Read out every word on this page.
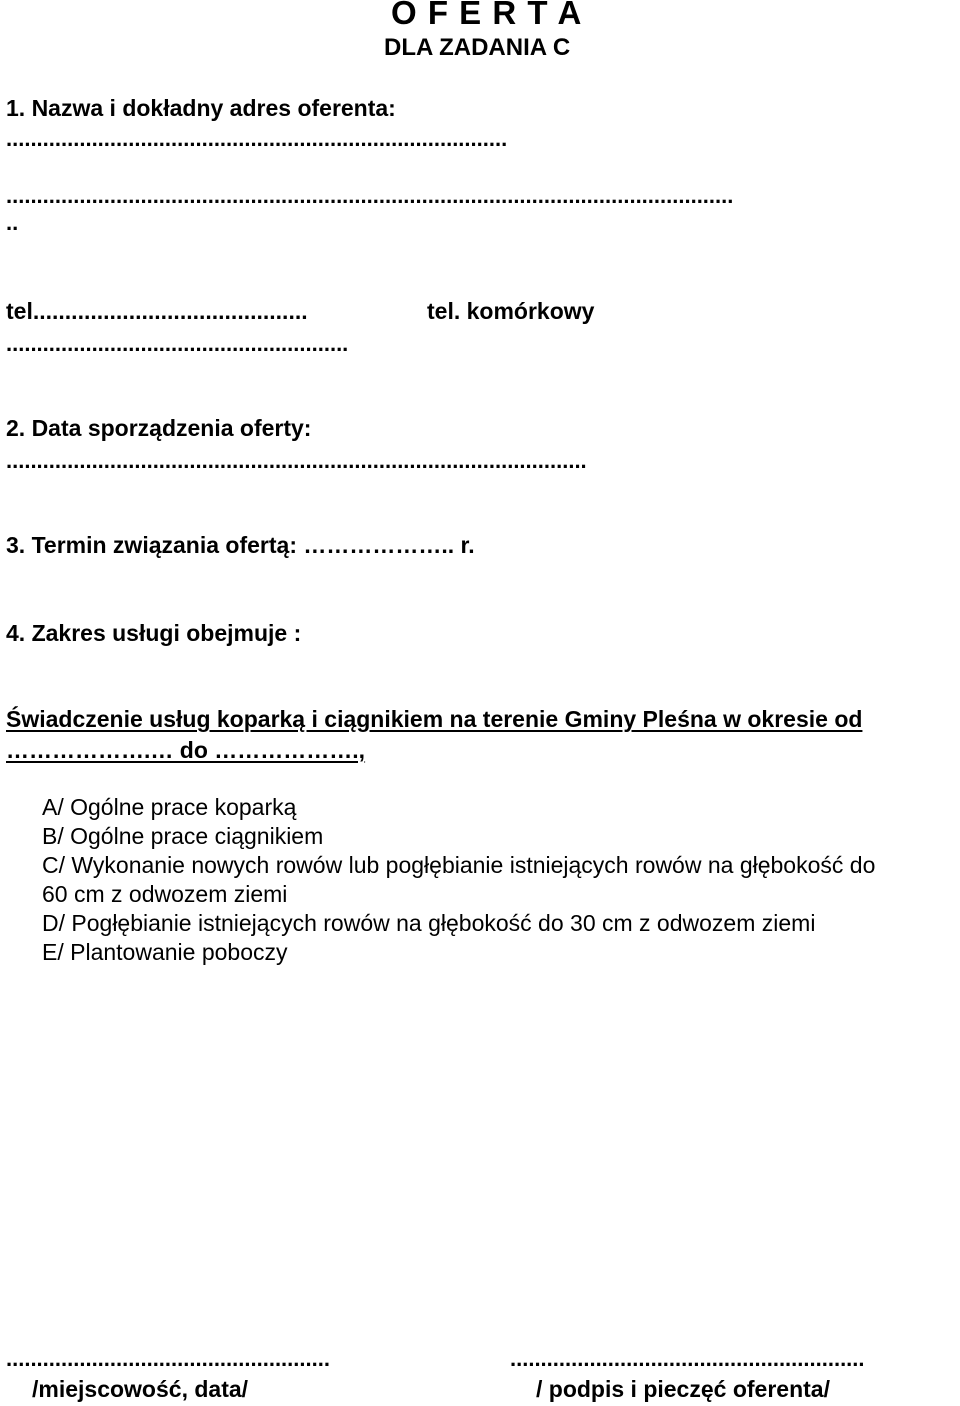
O F E R T A
DLA ZADANIA C
1. Nazwa i dokładny adres oferenta:
..................................................................................
.......................................................................................................................
..
tel...........................................	tel. komórkowy
........................................................
2. Data sporządzenia oferty:
...............................................................................................
3. Termin związania ofertą: ……………….. r.
4. Zakres usługi obejmuje :
Świadczenie usług koparką i ciągnikiem na terenie Gminy Pleśna w okresie od
……………….… do ……………….,
A/ Ogólne prace koparką
B/ Ogólne prace ciągnikiem
C/ Wykonanie nowych rowów lub pogłębianie istniejących rowów na głębokość do
60 cm z odwozem ziemi
D/ Pogłębianie istniejących rowów na głębokość do 30 cm z odwozem ziemi
E/ Plantowanie poboczy
.....................................................
/miejscowość, data/
..........................................................
/ podpis i pieczęć oferenta/
